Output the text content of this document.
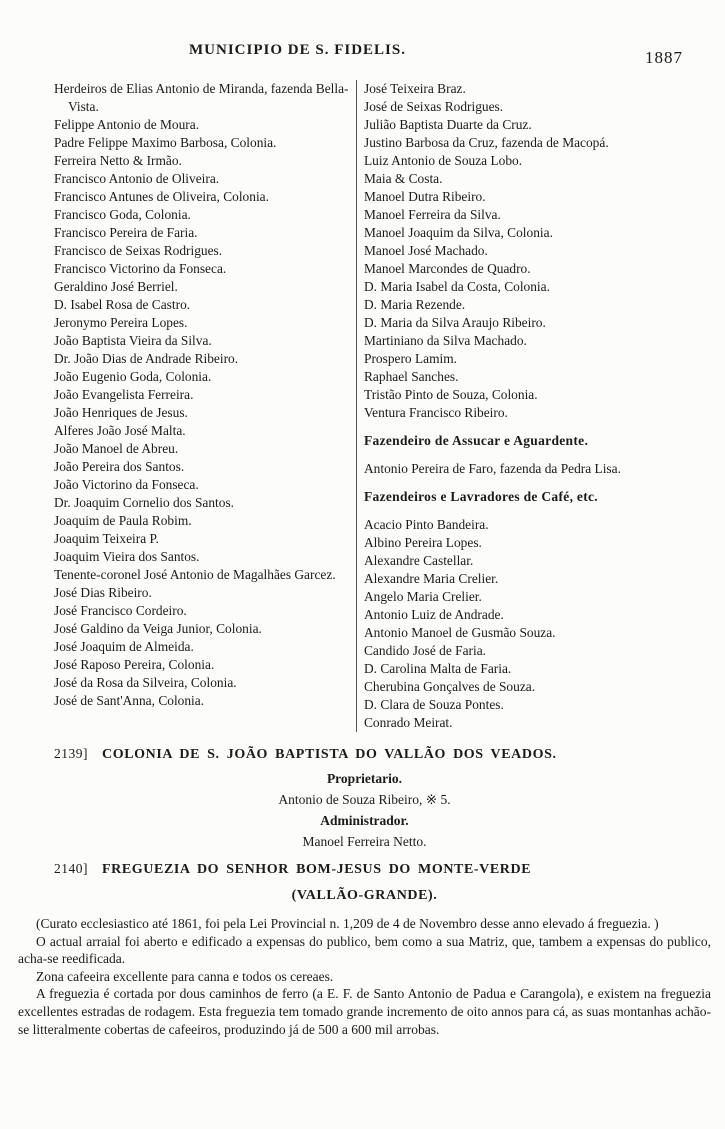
MUNICIPIO DE S. FIDELIS.	1887
Herdeiros de Elias Antonio de Miranda, fazenda Bella-Vista.
Felippe Antonio de Moura.
Padre Felippe Maximo Barbosa, Colonia.
Ferreira Netto & Irmão.
Francisco Antonio de Oliveira.
Francisco Antunes de Oliveira, Colonia.
Francisco Goda, Colonia.
Francisco Pereira de Faria.
Francisco de Seixas Rodrigues.
Francisco Victorino da Fonseca.
Geraldino José Berriel.
D. Isabel Rosa de Castro.
Jeronymo Pereira Lopes.
João Baptista Vieira da Silva.
Dr. João Dias de Andrade Ribeiro.
João Eugenio Goda, Colonia.
João Evangelista Ferreira.
João Henriques de Jesus.
Alferes João José Malta.
João Manoel de Abreu.
João Pereira dos Santos.
João Victorino da Fonseca.
Dr. Joaquim Cornelio dos Santos.
Joaquim de Paula Robim.
Joaquim Teixeira P.
Joaquim Vieira dos Santos.
Tenente-coronel José Antonio de Magalhães Garcez.
José Dias Ribeiro.
José Francisco Cordeiro.
José Galdino da Veiga Junior, Colonia.
José Joaquim de Almeida.
José Raposo Pereira, Colonia.
José da Rosa da Silveira, Colonia.
José de Sant'Anna, Colonia.
José Teixeira Braz.
José de Seixas Rodrigues.
Julião Baptista Duarte da Cruz.
Justino Barbosa da Cruz, fazenda de Macopá.
Luiz Antonio de Souza Lobo.
Maia & Costa.
Manoel Dutra Ribeiro.
Manoel Ferreira da Silva.
Manoel Joaquim da Silva, Colonia.
Manoel José Machado.
Manoel Marcondes de Quadro.
D. Maria Isabel da Costa, Colonia.
D. Maria Rezende.
D. Maria da Silva Araujo Ribeiro.
Martiniano da Silva Machado.
Prospero Lamim.
Raphael Sanches.
Tristão Pinto de Souza, Colonia.
Ventura Francisco Ribeiro.
Fazendeiro de Assucar e Aguardente.
Antonio Pereira de Faro, fazenda da Pedra Lisa.
Fazendeiros e Lavradores de Café, etc.
Acacio Pinto Bandeira.
Albino Pereira Lopes.
Alexandre Castellar.
Alexandre Maria Crelier.
Angelo Maria Crelier.
Antonio Luiz de Andrade.
Antonio Manoel de Gusmão Souza.
Candido José de Faria.
D. Carolina Malta de Faria.
Cherubina Gonçalves de Souza.
D. Clara de Souza Pontes.
Conrado Meirat.
2139] COLONIA DE S. JOÃO BAPTISTA DO VALLÃO DOS VEADOS.
Proprietario.
Antonio de Souza Ribeiro, ※ 5.
Administrador.
Manoel Ferreira Netto.
2140] FREGUEZIA DO SENHOR BOM-JESUS DO MONTE-VERDE
(VALLÃO-GRANDE).

(Curato ecclesiastico até 1861, foi pela Lei Provincial n. 1,209 de 4 de Novembro desse anno elevado á freguezia. )

O actual arraial foi aberto e edificado a expensas do publico, bem como a sua Matriz, que, tambem a expensas do publico, acha-se reedificada.

Zona cafeeira excellente para canna e todos os cereaes.

A freguezia é cortada por dous caminhos de ferro (a E. F. de Santo Antonio de Padua e Carangola), e existem na freguezia excellentes estradas de rodagem. Esta freguezia tem tomado grande incremento de oito annos para cá, as suas montanhas achão-se litteralmente cobertas de cafeeiros, produzindo já de 500 a 600 mil arrobas.
